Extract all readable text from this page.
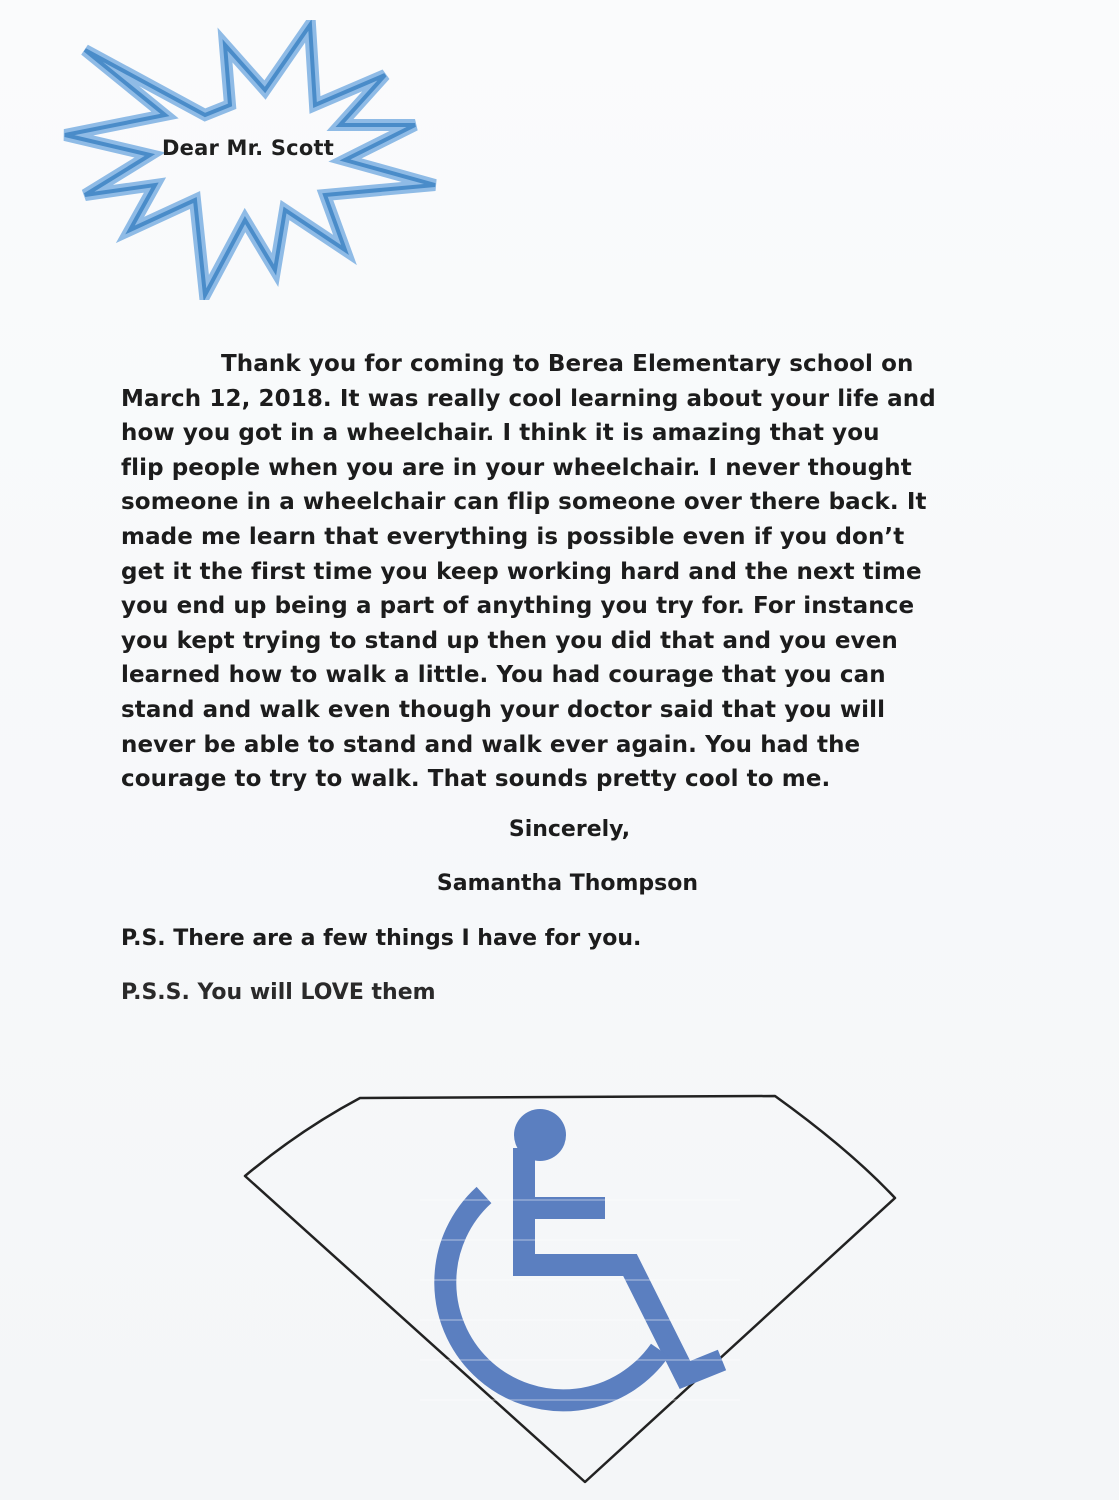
Dear Mr. Scott
Thank you for coming to Berea Elementary school on
March 12, 2018. It was really cool learning about your life and
how you got in a wheelchair. I think it is amazing that you
flip people when you are in your wheelchair. I never thought
someone in a wheelchair can flip someone over there back. It
made me learn that everything is possible even if you don’t
get it the first time you keep working hard and the next time
you end up being a part of anything you try for. For instance
you kept trying to stand up then you did that and you even
learned how to walk a little. You had courage that you can
stand and walk even though your doctor said that you will
never be able to stand and walk ever again. You had the
courage to try to walk. That sounds pretty cool to me.
Sincerely,
Samantha Thompson
P.S. There are a few things I have for you.
P.S.S. You will LOVE them
